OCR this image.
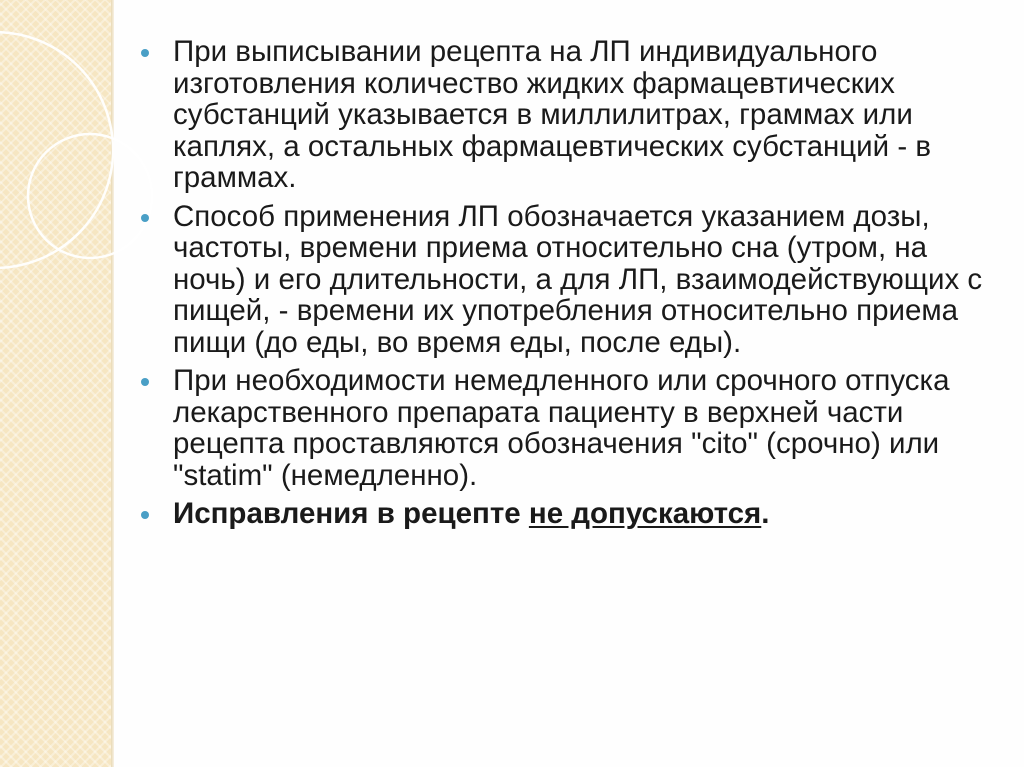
При выписывании рецепта на ЛП индивидуального изготовления количество жидких фармацевтических субстанций указывается в миллилитрах, граммах или каплях, а остальных фармацевтических субстанций - в граммах.
Способ применения ЛП обозначается указанием дозы, частоты, времени приема относительно сна (утром, на ночь) и его длительности, а для ЛП, взаимодействующих с пищей, - времени их употребления относительно приема пищи (до еды, во время еды, после еды).
При необходимости немедленного или срочного отпуска лекарственного препарата пациенту в верхней части рецепта проставляются обозначения "cito" (срочно) или "statim" (немедленно).
Исправления в рецепте не допускаются.
